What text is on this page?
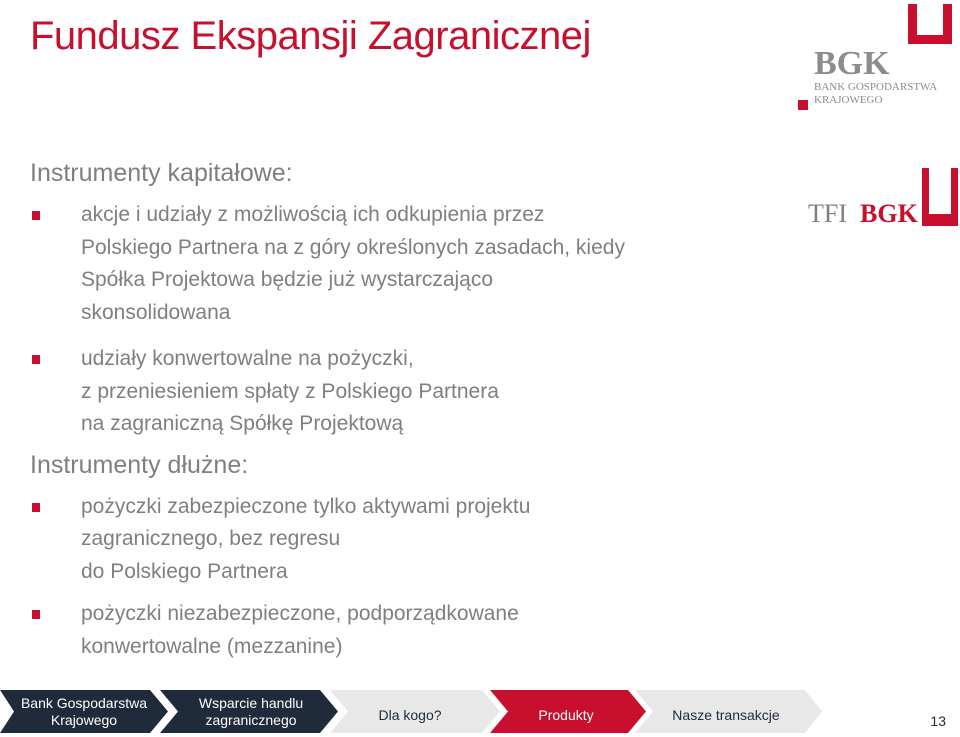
Fundusz Ekspansji Zagranicznej
BGK
BANK GOSPODARSTWA
KRAJOWEGO
TFI BGK
Instrumenty kapitałowe:
akcje i udziały z możliwością ich odkupienia przez
Polskiego Partnera na z góry określonych zasadach, kiedy
Spółka Projektowa będzie już wystarczająco
skonsolidowana
udziały konwertowalne na pożyczki,
z przeniesieniem spłaty z Polskiego Partnera
na zagraniczną Spółkę Projektową
Instrumenty dłużne:
pożyczki zabezpieczone tylko aktywami projektu
zagranicznego, bez regresu
do Polskiego Partnera
pożyczki niezabezpieczone, podporządkowane
konwertowalne (mezzanine)
Bank Gospodarstwa
Krajowego
Wsparcie handlu
zagranicznego	Dla kogo?	Produkty	Nasze transakcje	13
